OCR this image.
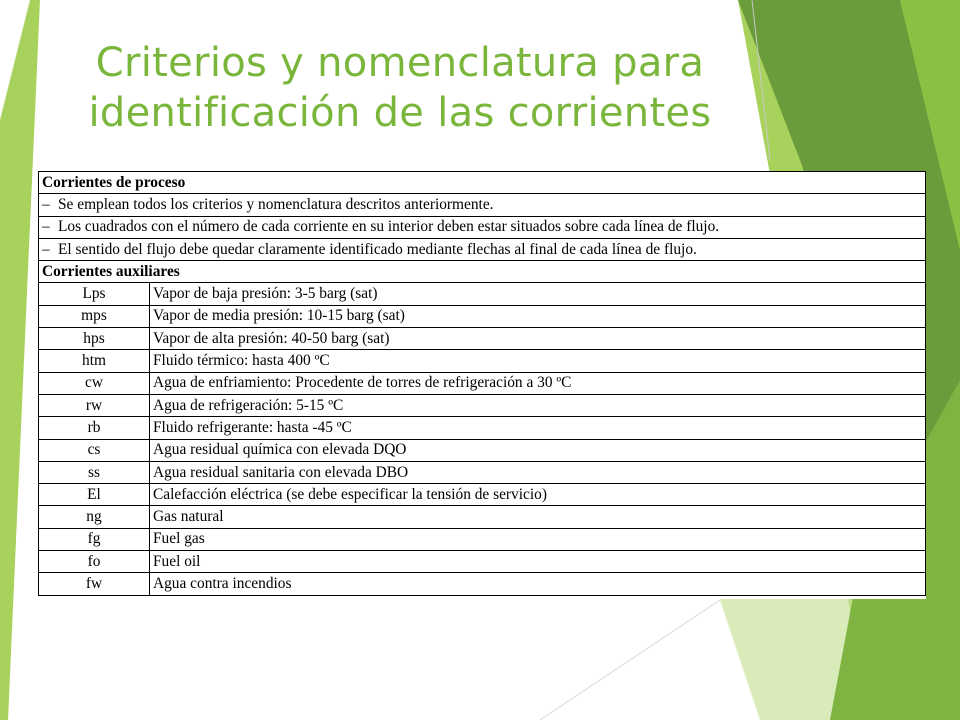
Criterios y nomenclatura para
identificación de las corrientes
Corrientes de proceso	
– Se emplean todos los criterios y nomenclatura descritos anteriormente.	
– Los cuadrados con el número de cada corriente en su interior deben estar situados sobre cada línea de flujo.	
– El sentido del flujo debe quedar claramente identificado mediante flechas al final de cada línea de flujo.	
Corrientes auxiliares	
Lps	Vapor de baja presión: 3-5 barg (sat)
mps	Vapor de media presión: 10-15 barg (sat)
hps	Vapor de alta presión: 40-50 barg (sat)
htm	Fluido térmico: hasta 400 ºC
cw	Agua de enfriamiento: Procedente de torres de refrigeración a 30 ºC
rw	Agua de refrigeración: 5-15 ºC
rb	Fluido refrigerante: hasta -45 ºC
cs	Agua residual química con elevada DQO
ss	Agua residual sanitaria con elevada DBO
El	Calefacción eléctrica (se debe especificar la tensión de servicio)
ng	Gas natural
fg	Fuel gas
fo	Fuel oil
fw	Agua contra incendios
